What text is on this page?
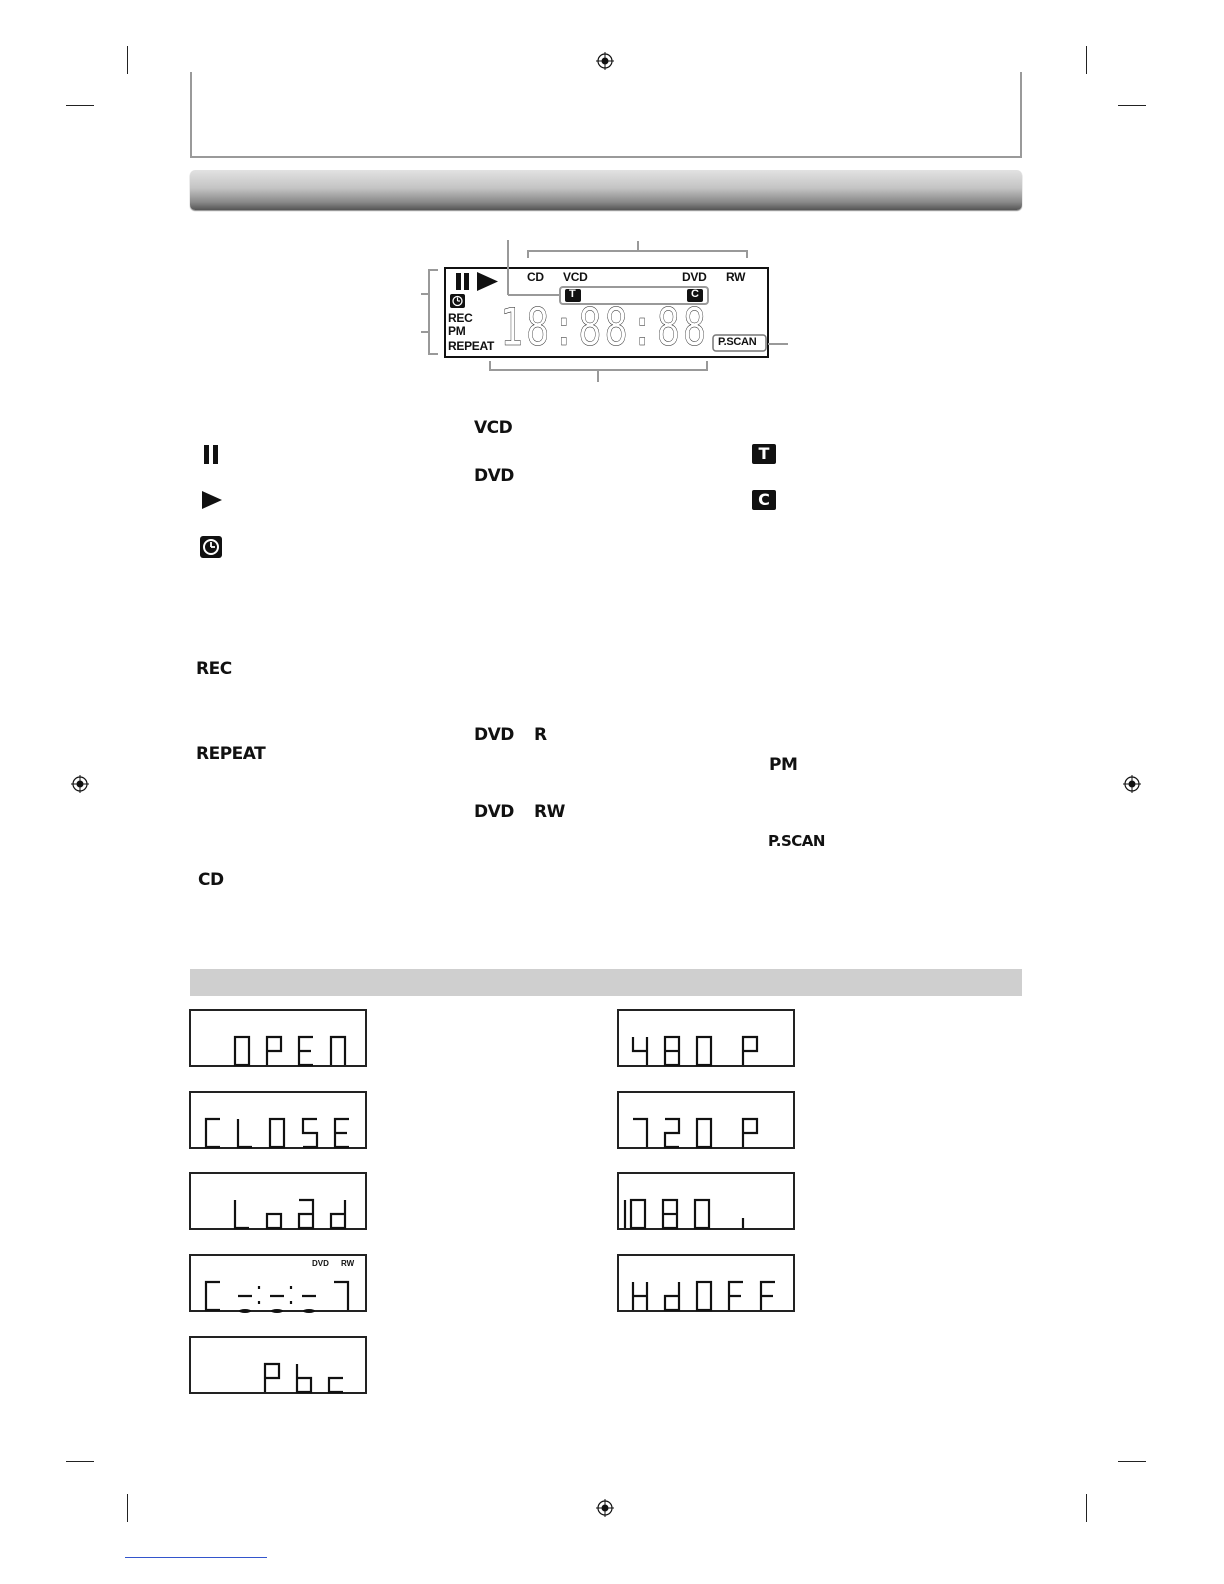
CD VCD	DVD RW
T	C
REC
PM
REPEAT	P.SCAN
18:88:88
REC
REPEAT
CD
VCD
DVD
DVD R
DVD RW
T
C
PM
P.SCAN
DVD RW
